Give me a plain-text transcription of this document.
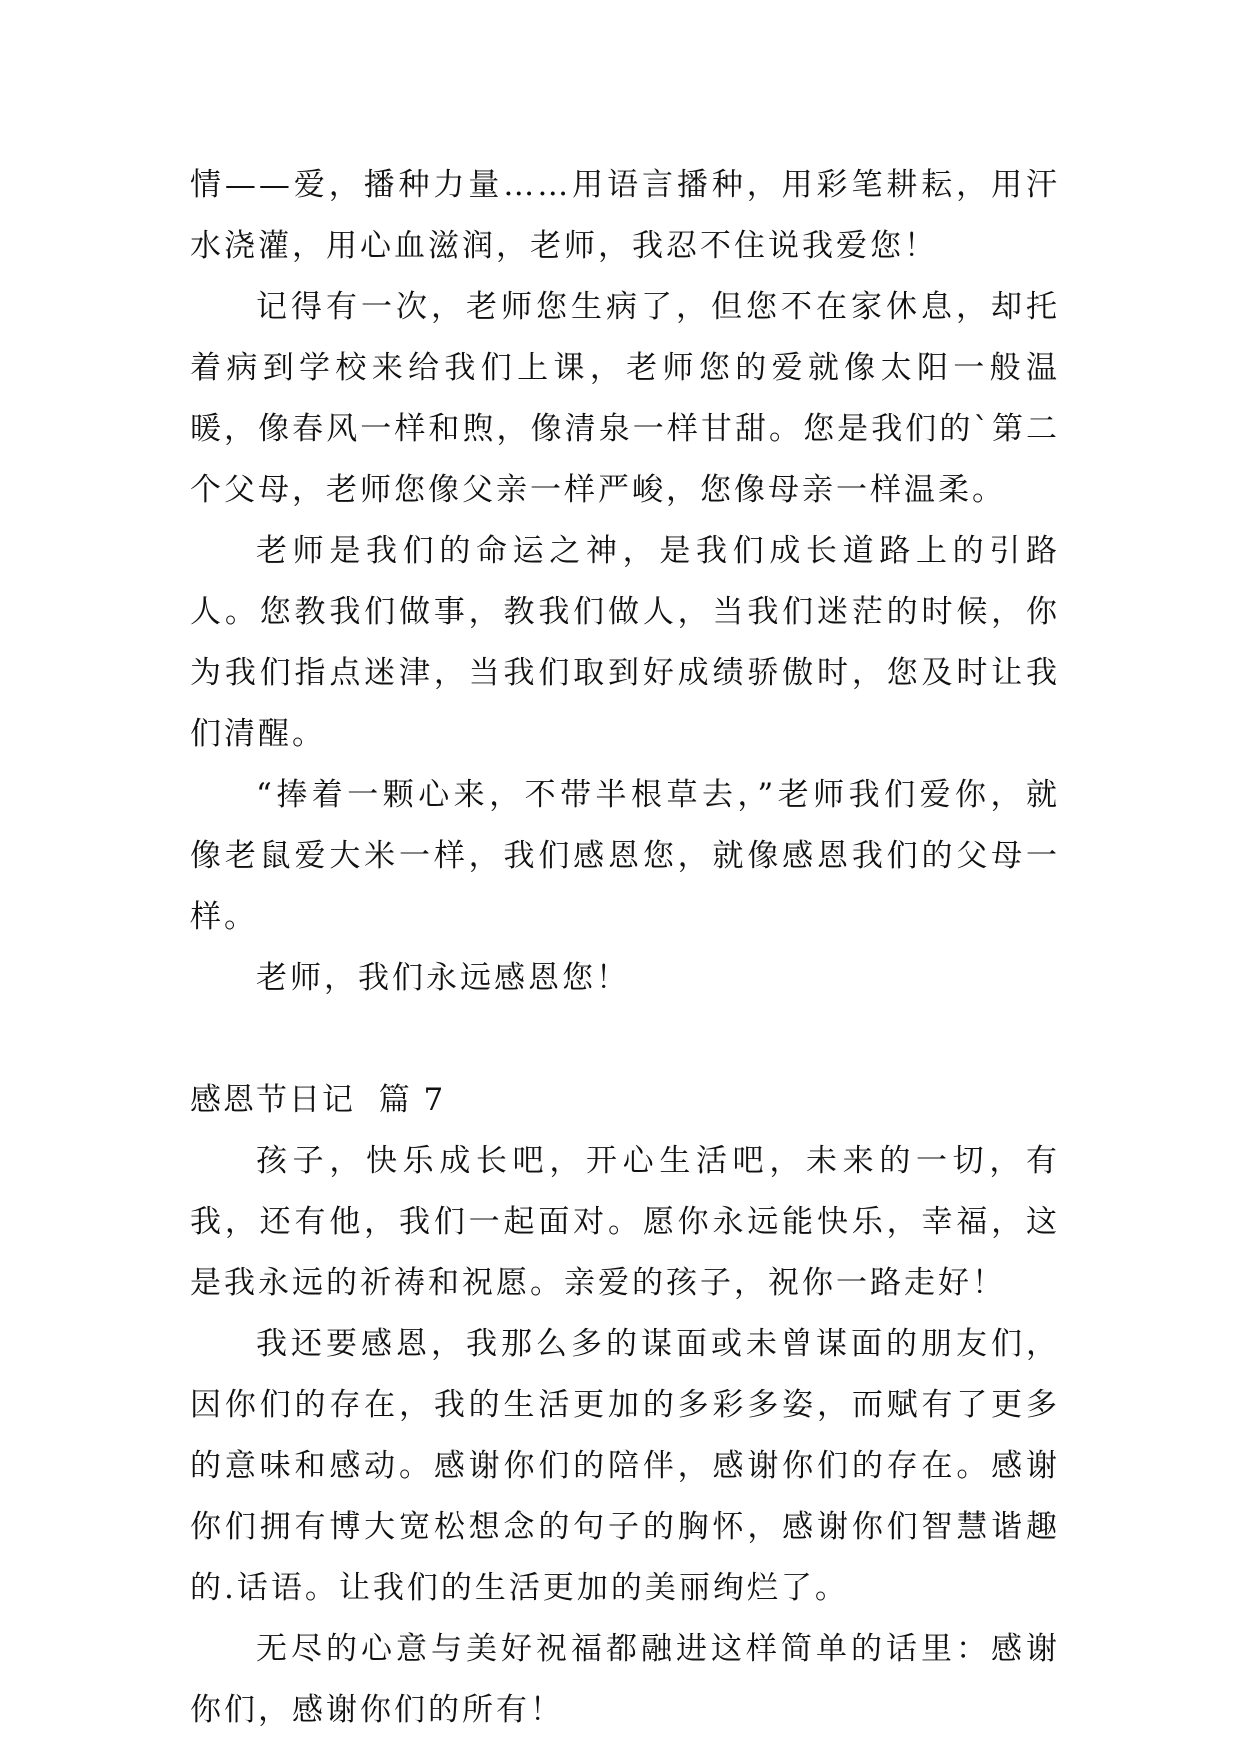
情——爱，播种力量……用语言播种，用彩笔耕耘，用汗水浇灌，用心血滋润，老师，我忍不住说我爱您！

记得有一次，老师您生病了，但您不在家休息，却托着病到学校来给我们上课，老师您的爱就像太阳一般温暖，像春风一样和煦，像清泉一样甘甜。您是我们的`第二个父母，老师您像父亲一样严峻，您像母亲一样温柔。

老师是我们的命运之神，是我们成长道路上的引路人。您教我们做事，教我们做人，当我们迷茫的时候，你为我们指点迷津，当我们取到好成绩骄傲时，您及时让我们清醒。

“捧着一颗心来，不带半根草去，”老师我们爱你，就像老鼠爱大米一样，我们感恩您，就像感恩我们的父母一样。

老师，我们永远感恩您！

感恩节日记  篇 7

孩子，快乐成长吧，开心生活吧，未来的一切，有我，还有他，我们一起面对。愿你永远能快乐，幸福，这是我永远的祈祷和祝愿。亲爱的孩子，祝你一路走好！

我还要感恩，我那么多的谋面或未曾谋面的朋友们，因你们的存在，我的生活更加的多彩多姿，而赋有了更多的意味和感动。感谢你们的陪伴，感谢你们的存在。感谢你们拥有博大宽松想念的句子的胸怀，感谢你们智慧谐趣的.话语。让我们的生活更加的美丽绚烂了。

无尽的心意与美好祝福都融进这样简单的话里：感谢你们，感谢你们的所有！
